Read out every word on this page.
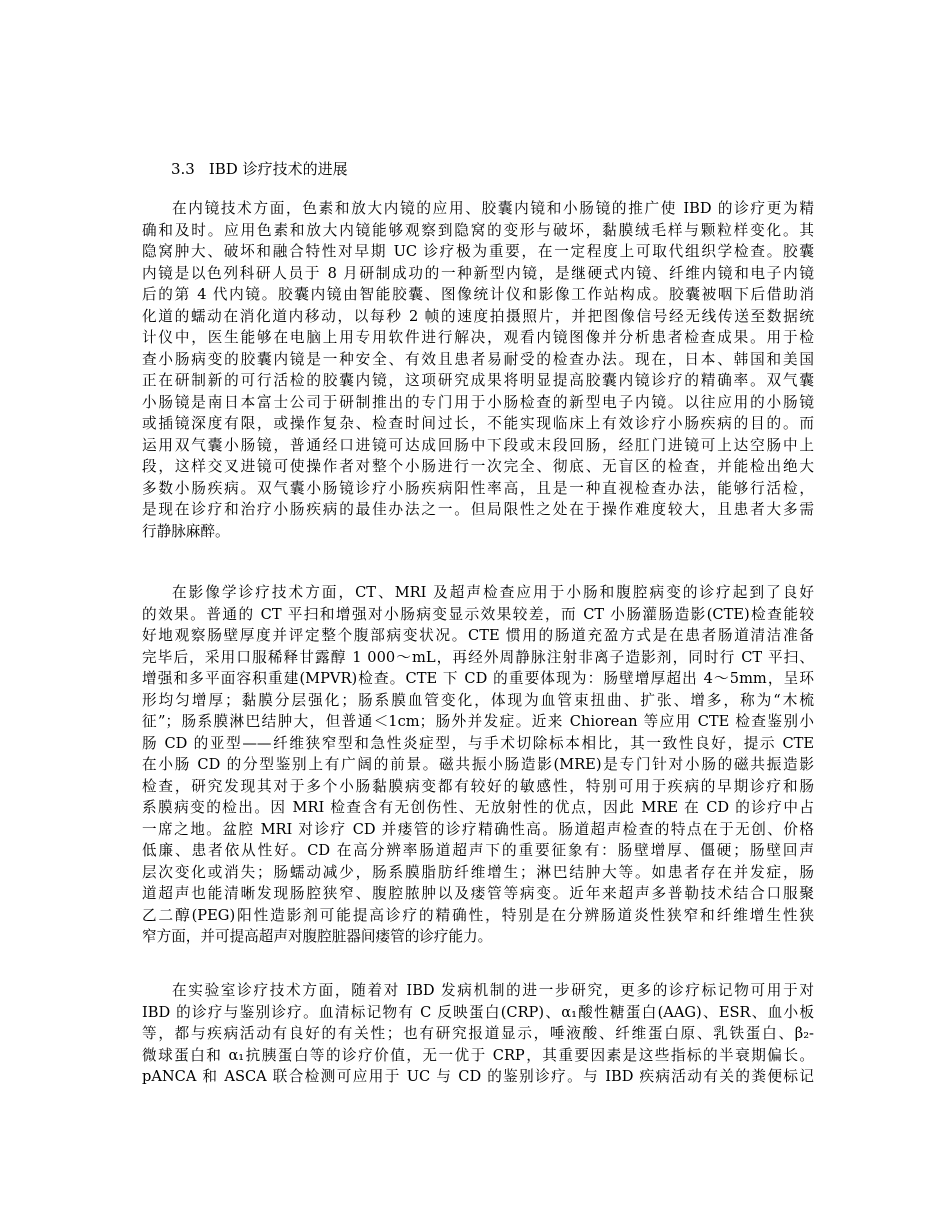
3.3 IBD 诊疗技术的进展
在内镜技术方面，色素和放大内镜的应用、胶囊内镜和小肠镜的推广使 IBD 的诊疗更为精
确和及时。应用色素和放大内镜能够观察到隐窝的变形与破坏，黏膜绒毛样与颗粒样变化。其
隐窝肿大、破坏和融合特性对早期 UC 诊疗极为重要，在一定程度上可取代组织学检查。胶囊
内镜是以色列科研人员于 8 月研制成功的一种新型内镜，是继硬式内镜、纤维内镜和电子内镜
后的第 4 代内镜。胶囊内镜由智能胶囊、图像统计仪和影像工作站构成。胶囊被咽下后借助消
化道的蠕动在消化道内移动，以每秒 2 帧的速度拍摄照片，并把图像信号经无线传送至数据统
计仪中，医生能够在电脑上用专用软件进行解决，观看内镜图像并分析患者检查成果。用于检
查小肠病变的胶囊内镜是一种安全、有效且患者易耐受的检查办法。现在，日本、韩国和美国
正在研制新的可行活检的胶囊内镜，这项研究成果将明显提高胶囊内镜诊疗的精确率。双气囊
小肠镜是南日本富士公司于研制推出的专门用于小肠检查的新型电子内镜。以往应用的小肠镜
或插镜深度有限，或操作复杂、检查时间过长，不能实现临床上有效诊疗小肠疾病的目的。而
运用双气囊小肠镜，普通经口进镜可达成回肠中下段或末段回肠，经肛门进镜可上达空肠中上
段，这样交叉进镜可使操作者对整个小肠进行一次完全、彻底、无盲区的检查，并能检出绝大
多数小肠疾病。双气囊小肠镜诊疗小肠疾病阳性率高，且是一种直视检查办法，能够行活检，
是现在诊疗和治疗小肠疾病的最佳办法之一。但局限性之处在于操作难度较大，且患者大多需
行静脉麻醉。
在影像学诊疗技术方面，CT、MRI 及超声检查应用于小肠和腹腔病变的诊疗起到了良好
的效果。普通的 CT 平扫和增强对小肠病变显示效果较差，而 CT 小肠灌肠造影(CTE)检查能较
好地观察肠壁厚度并评定整个腹部病变状况。CTE 惯用的肠道充盈方式是在患者肠道清洁准备
完毕后，采用口服稀释甘露醇 1 000～mL，再经外周静脉注射非离子造影剂，同时行 CT 平扫、
增强和多平面容积重建(MPVR)检查。CTE 下 CD 的重要体现为：肠壁增厚超出 4～5mm，呈环
形均匀增厚；黏膜分层强化；肠系膜血管变化，体现为血管束扭曲、扩张、增多，称为“木梳
征”；肠系膜淋巴结肿大，但普通＜1cm；肠外并发症。近来 Chiorean 等应用 CTE 检查鉴别小
肠 CD 的亚型——纤维狭窄型和急性炎症型，与手术切除标本相比，其一致性良好，提示 CTE
在小肠 CD 的分型鉴别上有广阔的前景。磁共振小肠造影(MRE)是专门针对小肠的磁共振造影
检查，研究发现其对于多个小肠黏膜病变都有较好的敏感性，特别可用于疾病的早期诊疗和肠
系膜病变的检出。因 MRI 检查含有无创伤性、无放射性的优点，因此 MRE 在 CD 的诊疗中占
一席之地。盆腔 MRI 对诊疗 CD 并瘘管的诊疗精确性高。肠道超声检查的特点在于无创、价格
低廉、患者依从性好。CD 在高分辨率肠道超声下的重要征象有：肠壁增厚、僵硬；肠壁回声
层次变化或消失；肠蠕动减少，肠系膜脂肪纤维增生；淋巴结肿大等。如患者存在并发症，肠
道超声也能清晰发现肠腔狭窄、腹腔脓肿以及瘘管等病变。近年来超声多普勒技术结合口服聚
乙二醇(PEG)阳性造影剂可能提高诊疗的精确性，特别是在分辨肠道炎性狭窄和纤维增生性狭
窄方面，并可提高超声对腹腔脏器间瘘管的诊疗能力。
在实验室诊疗技术方面，随着对 IBD 发病机制的进一步研究，更多的诊疗标记物可用于对
IBD 的诊疗与鉴别诊疗。血清标记物有 C 反映蛋白(CRP)、α₁酸性糖蛋白(AAG)、ESR、血小板
等，都与疾病活动有良好的有关性；也有研究报道显示，唾液酸、纤维蛋白原、乳铁蛋白、β₂-
微球蛋白和 α₁抗胰蛋白等的诊疗价值，无一优于 CRP，其重要因素是这些指标的半衰期偏长。
pANCA 和 ASCA 联合检测可应用于 UC 与 CD 的鉴别诊疗。与 IBD 疾病活动有关的粪便标记
